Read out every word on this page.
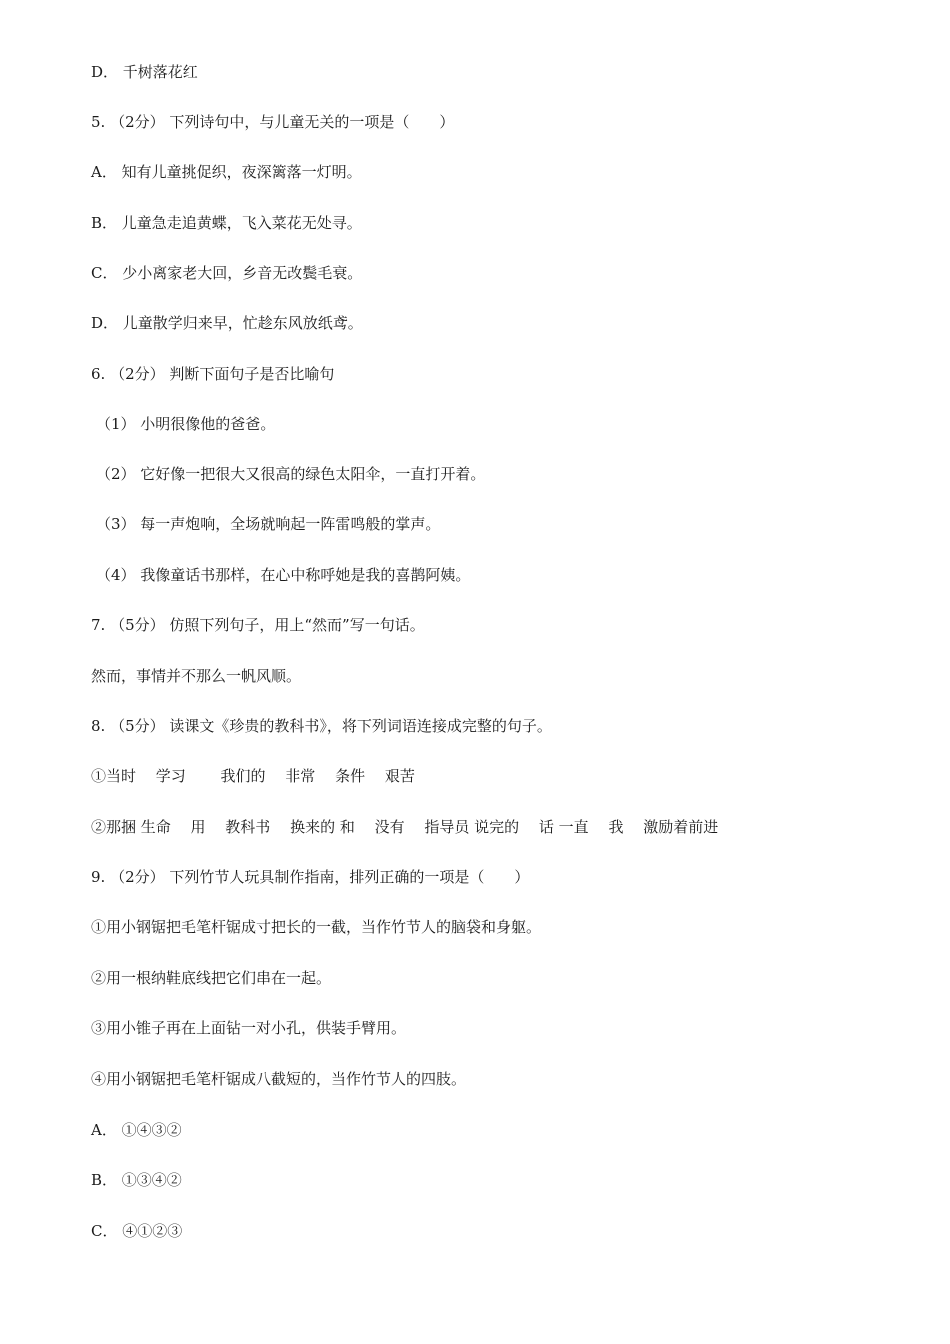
D． 千树落花红
5. （2分） 下列诗句中，与儿童无关的一项是（　　）
A． 知有儿童挑促织，夜深篱落一灯明。
B． 儿童急走追黄蝶，飞入菜花无处寻。
C． 少小离家老大回，乡音无改鬓毛衰。
D． 儿童散学归来早，忙趁东风放纸鸢。
6. （2分） 判断下面句子是否比喻句
（1） 小明很像他的爸爸。
（2） 它好像一把很大又很高的绿色太阳伞，一直打开着。
（3） 每一声炮响，全场就响起一阵雷鸣般的掌声。
（4） 我像童话书那样，在心中称呼她是我的喜鹊阿姨。
7. （5分） 仿照下列句子，用上“然而”写一句话。
然而，事情并不那么一帆风顺。
8. （5分） 读课文《珍贵的教科书》，将下列词语连接成完整的句子。
①当时　 学习　　 我们的　 非常　 条件　 艰苦
②那捆 生命　 用　 教科书　 换来的 和　 没有　 指导员 说完的　 话 一直　 我　 激励着前进
9. （2分） 下列竹节人玩具制作指南，排列正确的一项是（　　）
①用小钢锯把毛笔杆锯成寸把长的一截，当作竹节人的脑袋和身躯。
②用一根纳鞋底线把它们串在一起。
③用小锥子再在上面钻一对小孔，供装手臂用。
④用小钢锯把毛笔杆锯成八截短的，当作竹节人的四肢。
A． ①④③②
B． ①③④②
C． ④①②③
